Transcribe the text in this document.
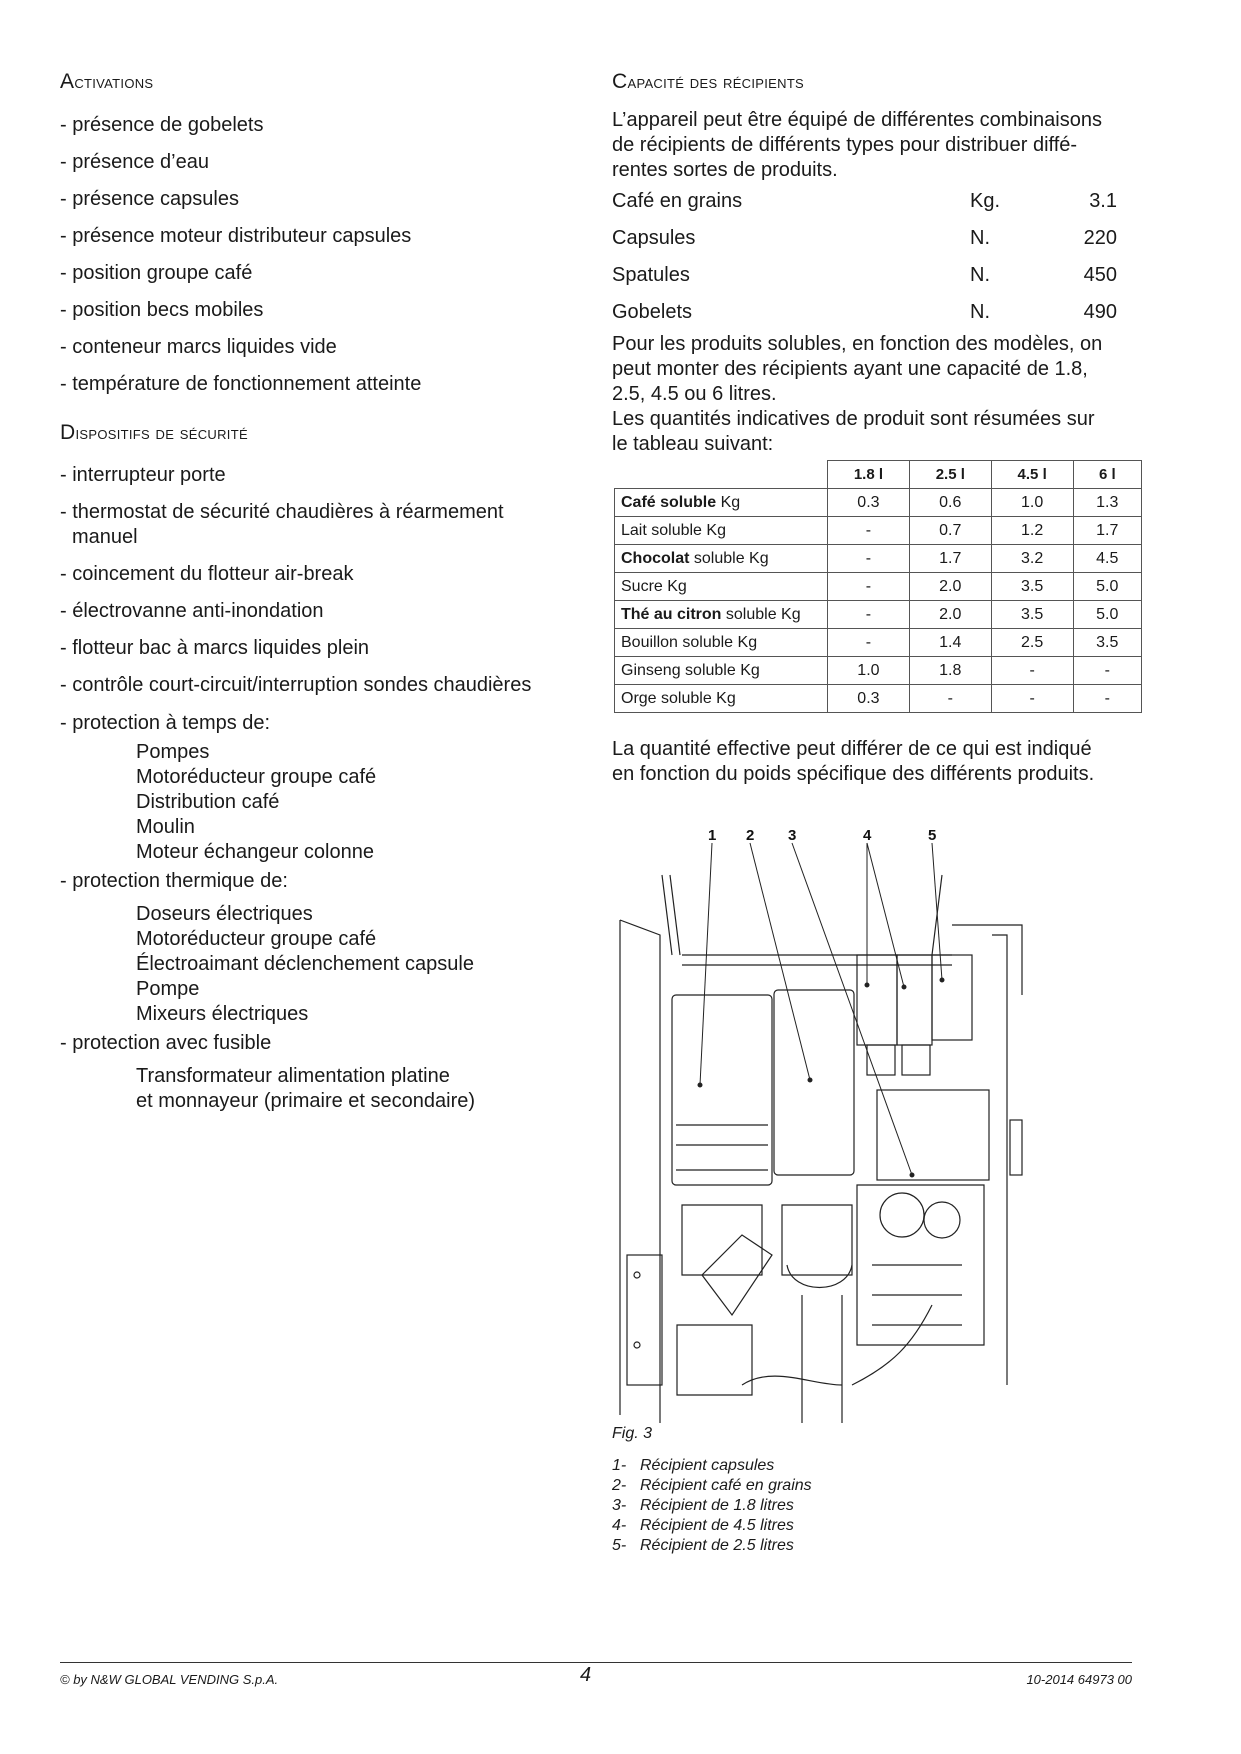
Activations
- présence de gobelets
- présence d’eau
- présence capsules
- présence moteur distributeur capsules
- position groupe café
- position becs mobiles
- conteneur marcs liquides vide
- température de fonctionnement atteinte
Dispositifs de sécurité
- interrupteur porte
- thermostat de sécurité chaudières à réarmement
manuel
- coincement du flotteur air-break
- électrovanne anti-inondation
- flotteur bac à marcs liquides plein
- contrôle court-circuit/interruption sondes chaudières
- protection à temps de:
Pompes
Motoréducteur groupe café
Distribution café
Moulin
Moteur échangeur colonne
- protection thermique de:
Doseurs électriques
Motoréducteur groupe café
Électroaimant déclenchement capsule
Pompe
Mixeurs électriques
- protection avec fusible
Transformateur alimentation platine
et monnayeur (primaire et secondaire)
Capacité des récipients
L’appareil peut être équipé de différentes combinaisons
de récipients de différents types pour distribuer diffé-
rentes sortes de produits.
Café en grains	Kg.	3.1
Capsules	N.	220
Spatules	N.	450
Gobelets	N.	490
Pour les produits solubles, en fonction des modèles, on
peut monter des récipients ayant une capacité de 1.8,
2.5, 4.5 ou 6 litres.
Les quantités indicatives de produit sont résumées sur
le tableau suivant:
	1.8 l	2.5 l	4.5 l	6 l
Café soluble Kg	0.3	0.6	1.0	1.3
Lait soluble Kg	-	0.7	1.2	1.7
Chocolat soluble Kg	-	1.7	3.2	4.5
Sucre Kg	-	2.0	3.5	5.0
Thé au citron soluble Kg	-	2.0	3.5	5.0
Bouillon soluble Kg	-	1.4	2.5	3.5
Ginseng soluble Kg	1.0	1.8	-	-
Orge soluble Kg	0.3	-	-	-
La quantité effective peut différer de ce qui est indiqué
en fonction du poids spécifique des différents produits.
1 2 3	4	5
Fig. 3
1- Récipient capsules
2- Récipient café en grains
3- Récipient de 1.8 litres
4- Récipient de 4.5 litres
5- Récipient de 2.5 litres
© by N&W GLOBAL VENDING S.p.A.	4	10-2014 64973 00
